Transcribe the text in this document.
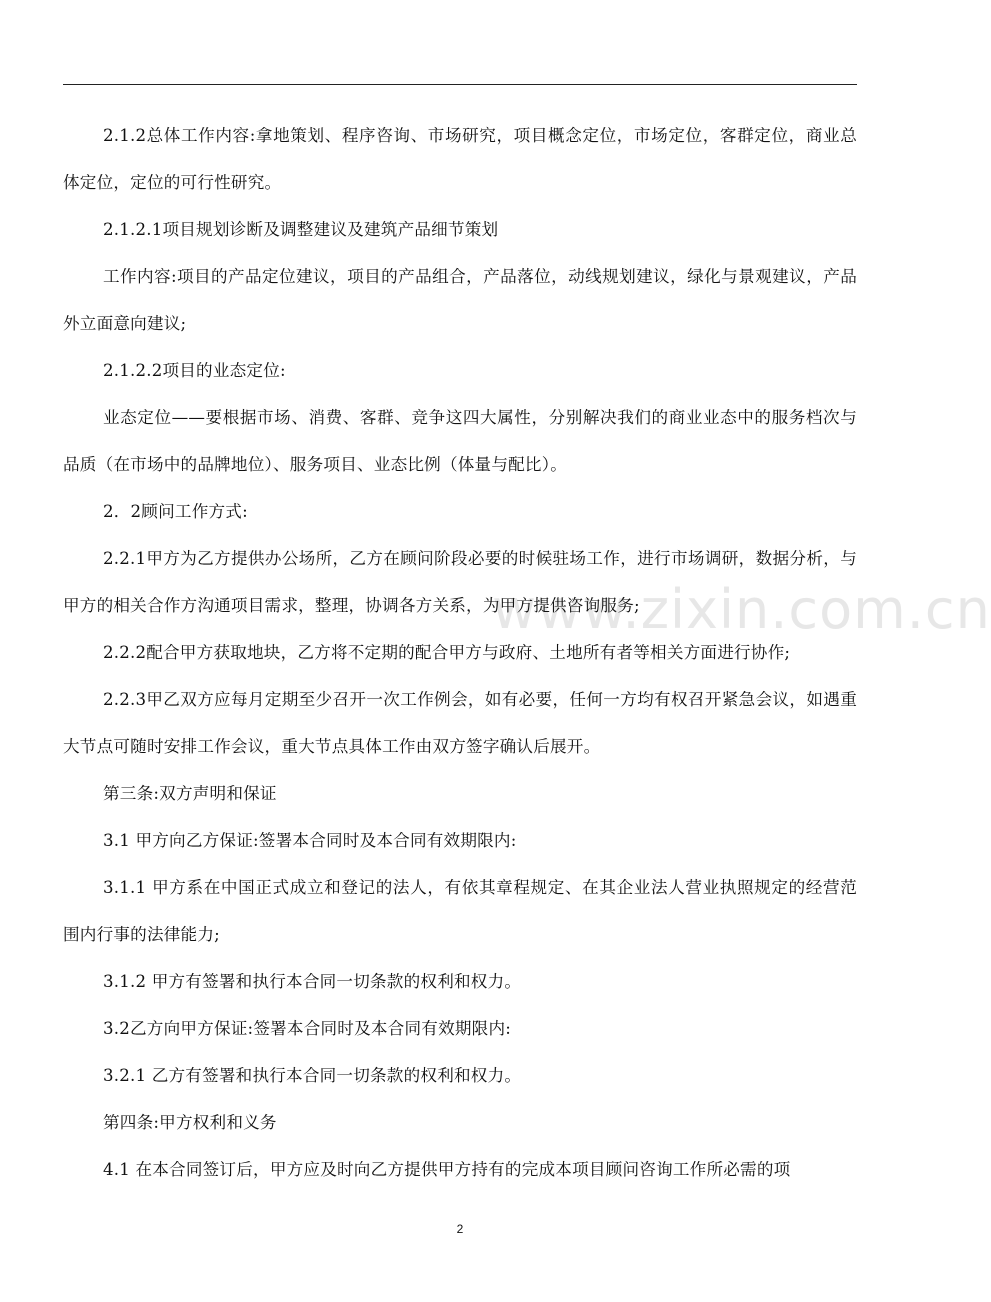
www.zixin.com.cn

2.1.2总体工作内容:拿地策划、程序咨询、市场研究，项目概念定位，市场定位，客群定位，商业总体定位，定位的可行性研究。

2.1.2.1项目规划诊断及调整建议及建筑产品细节策划

工作内容:项目的产品定位建议，项目的产品组合，产品落位，动线规划建议，绿化与景观建议，产品外立面意向建议;

2.1.2.2项目的业态定位:

业态定位——要根据市场、消费、客群、竞争这四大属性，分别解决我们的商业业态中的服务档次与品质（在市场中的品牌地位）、服务项目、业态比例（体量与配比）。

2．2顾问工作方式:

2.2.1甲方为乙方提供办公场所，乙方在顾问阶段必要的时候驻场工作，进行市场调研，数据分析，与甲方的相关合作方沟通项目需求，整理，协调各方关系，为甲方提供咨询服务;

2.2.2配合甲方获取地块，乙方将不定期的配合甲方与政府、土地所有者等相关方面进行协作;

2.2.3甲乙双方应每月定期至少召开一次工作例会，如有必要，任何一方均有权召开紧急会议，如遇重大节点可随时安排工作会议，重大节点具体工作由双方签字确认后展开。

第三条:双方声明和保证

3.1 甲方向乙方保证:签署本合同时及本合同有效期限内:

3.1.1 甲方系在中国正式成立和登记的法人，有依其章程规定、在其企业法人营业执照规定的经营范围内行事的法律能力;

3.1.2 甲方有签署和执行本合同一切条款的权利和权力。

3.2乙方向甲方保证:签署本合同时及本合同有效期限内:

3.2.1 乙方有签署和执行本合同一切条款的权利和权力。

第四条:甲方权利和义务

4.1 在本合同签订后，甲方应及时向乙方提供甲方持有的完成本项目顾问咨询工作所必需的项

2
